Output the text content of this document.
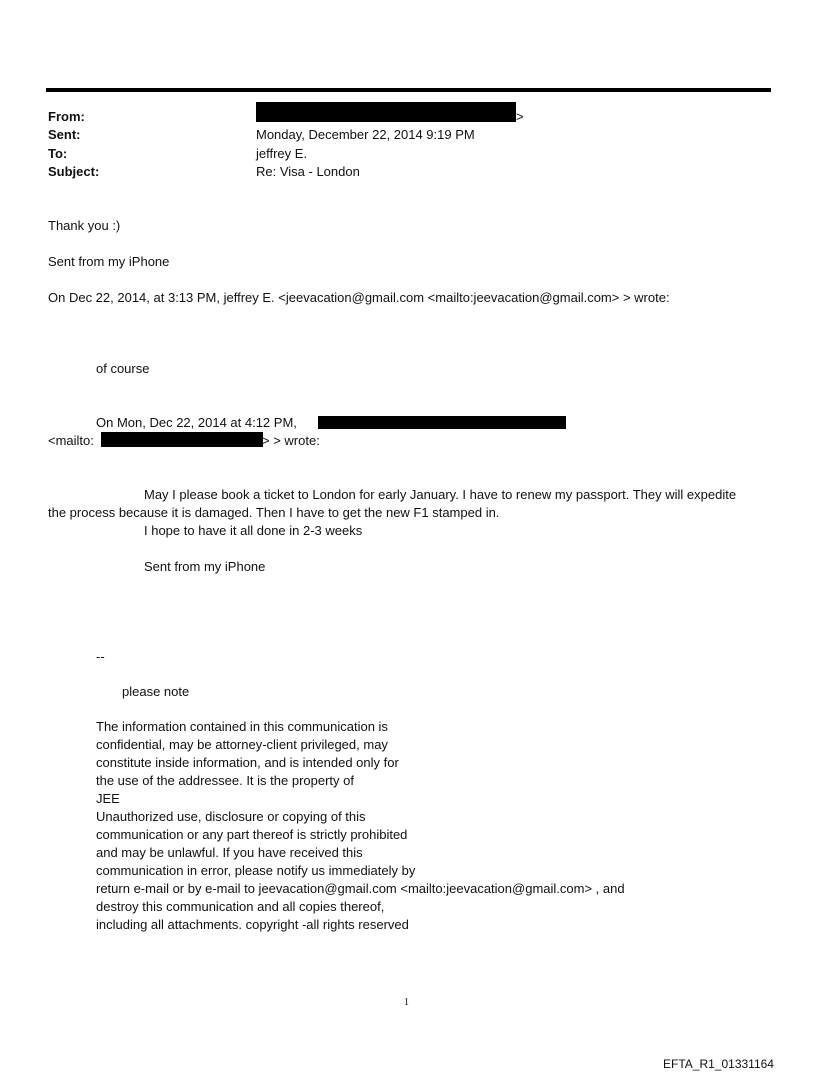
From:	>
Sent:	Monday, December 22, 2014 9:19 PM
To:	jeffrey E.
Subject:	Re: Visa - London
Thank you :)
Sent from my iPhone
On Dec 22, 2014, at 3:13 PM, jeffrey E. <jeevacation@gmail.com <mailto:jeevacation@gmail.com> > wrote:
of course
On Mon, Dec 22, 2014 at 4:12 PM,
<mailto:	> > wrote:
May I please book a ticket to London for early January. I have to renew my passport. They will expedite
the process because it is damaged. Then I have to get the new F1 stamped in.
I hope to have it all done in 2-3 weeks
Sent from my iPhone
--
please note
The information contained in this communication is
confidential, may be attorney-client privileged, may
constitute inside information, and is intended only for
the use of the addressee. It is the property of
JEE
Unauthorized use, disclosure or copying of this
communication or any part thereof is strictly prohibited
and may be unlawful. If you have received this
communication in error, please notify us immediately by
return e-mail or by e-mail to jeevacation@gmail.com <mailto:jeevacation@gmail.com> , and
destroy this communication and all copies thereof,
including all attachments. copyright -all rights reserved
1
EFTA_R1_01331164
